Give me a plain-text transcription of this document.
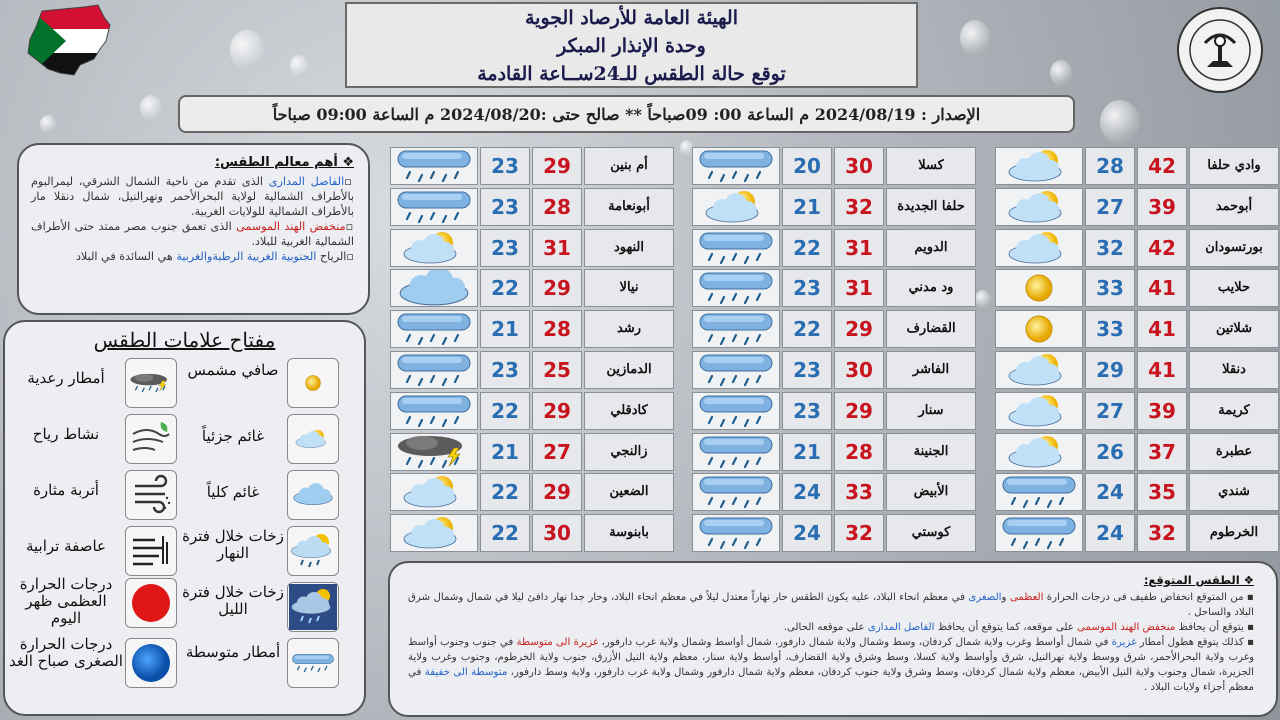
الهيئة العامة للأرصاد الجوية
وحدة الإنذار المبكر
توقع حالة الطقس للـ24ســاعة القادمة
الإصدار : 2024/08/19 م الساعة 00: 09صباحاً ** صالح حتى :2024/08/20 م الساعة 09:00 صباحاً
وادي حلفا
42
28
أبوحمد
39
27
بورتسودان
42
32
حلايب
41
33
شلاتين
41
33
دنقلا
41
29
كريمة
39
27
عطبرة
37
26
شندي
35
24
الخرطوم
32
24
كسلا
30
20
حلفا الجديدة
32
21
الدويم
31
22
ود مدني
31
23
القضارف
29
22
الفاشر
30
23
سنار
29
23
الجنينة
28
21
الأبيض
33
24
كوستي
32
24
أم بنين
29
23
أبونعامة
28
23
النهود
31
23
نيالا
29
22
رشد
28
21
الدمازين
25
23
كادقلي
29
22
زالنجي
27
21
الضعين
29
22
بابنوسة
30
22
❖ أهم معالم الطقس:

▫الفاصل المدارى الذى تقدم من ناحية الشمال الشرقي، ليمرالبوم بالأطراف الشمالية لولاية البحرالأحمر ونهرالنيل، شمال دنقلا مار بالأطراف الشمالية للولايات الغربية.

▫منخفض الهند الموسمى الذى تعمق جنوب مصر ممتد حتى الأطراف الشمالية الغربية للبلاد.

▫الرياح الجنوبية الغربية الرطبةوالغربية هي السائدة في البلاد

مفتاح علامات الطقس
صافي مشمس
أمطار رعدية
غائم جزئياً
نشاط رياح
غائم كلياً
أتربة مثارة
زخات خلال فترة النهار
عاصفة ترابية
زخات خلال فترة الليل
درجات الحرارة العظمى ظهر اليوم
أمطار متوسطة
درجات الحرارة الصغرى صباح الغد
❖ الطقس المتوقع:

▪ من المتوقع انخفاض طفيف فى درجات الحرارة العظمى والصغرى في معظم انحاء البلاد، عليه يكون الطقس حار نهاراً معتدل ليلاً في معظم انحاء البلاد، وحار جدا نهار دافئ ليلا في شمال وشمال شرق البلاد والساحل .

▪ يتوقع أن يحافظ منخفض الهند الموسمى على موقعه، كما يتوقع أن يحافظ الفاصل المدارى على موقعه الحالى.

▪ كذلك يتوقع هطول أمطار غزيرة في شمال أواسط وغرب ولاية شمال كردفان، وسط وشمال ولاية شمال دارفور، شمال أواسط وشمال ولاية غرب دارفور، غزيرة الى متوسطة في جنوب وجنوب أواسط وغرب ولاية البحرالأحمر، شرق ووسط ولاية نهرالنيل، شرق وأواسط ولاية كسلا، وسط وشرق ولاية القضارف، أواسط ولاية سنار، معظم ولاية النيل الأزرق، جنوب ولاية الخرطوم، وجنوب وغرب ولاية الجزيرة، شمال وجنوب ولاية النيل الأبيض، معظم ولاية شمال كردفان، وسط وشرق ولاية جنوب كردفان، معظم ولاية شمال دارفور وشمال ولاية غرب دارفور، ولاية وسط دارفور، متوسطة الى خفيفة في معظم أجزاء ولايات البلاد .
